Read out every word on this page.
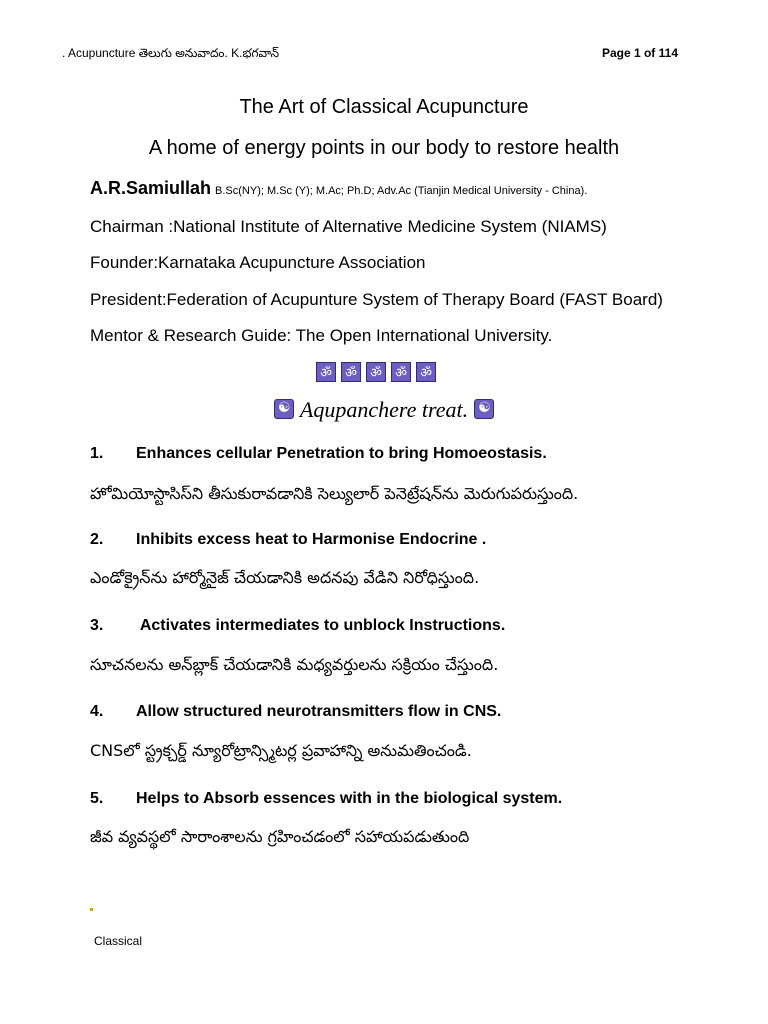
. Acupuncture తెలుగు అనువాదం. K.భగవాన్	Page 1 of 114
The Art of Classical Acupuncture
A home of energy points in our body to restore health
A.R.Samiullah B.Sc(NY); M.Sc (Y); M.Ac; Ph.D; Adv.Ac (Tianjin Medical University - China).
Chairman :National Institute of Alternative Medicine System (NIAMS)
Founder:Karnataka Acupuncture Association
President:Federation of Acupunture System of Therapy Board (FAST Board)
Mentor & Research Guide: The Open International University.
ॐ	ॐ	ॐ	ॐ	ॐ
☯Aqupanchere treat.☯
1. Enhances cellular Penetration to bring Homoeostasis.
హోమియోస్టాసిస్‌ని తీసుకురావడానికి సెల్యులార్ పెనెట్రేషన్‌ను మెరుగుపరుస్తుంది.
2. Inhibits excess heat to Harmonise Endocrine .
ఎండోక్రైన్‌ను హార్మోనైజ్ చేయడానికి అదనపు వేడిని నిరోధిస్తుంది.
3. Activates intermediates to unblock Instructions.
సూచనలను అన్‌బ్లాక్ చేయడానికి మధ్యవర్తులను సక్రియం చేస్తుంది.
4. Allow structured neurotransmitters flow in CNS.
CNSలో స్ట్రక్చర్డ్ న్యూరోట్రాన్స్మిటర్ల ప్రవాహాన్ని అనుమతించండి.
5. Helps to Absorb essences with in the biological system.
జీవ వ్యవస్థలో సారాంశాలను గ్రహించడంలో సహాయపడుతుంది
Classical
